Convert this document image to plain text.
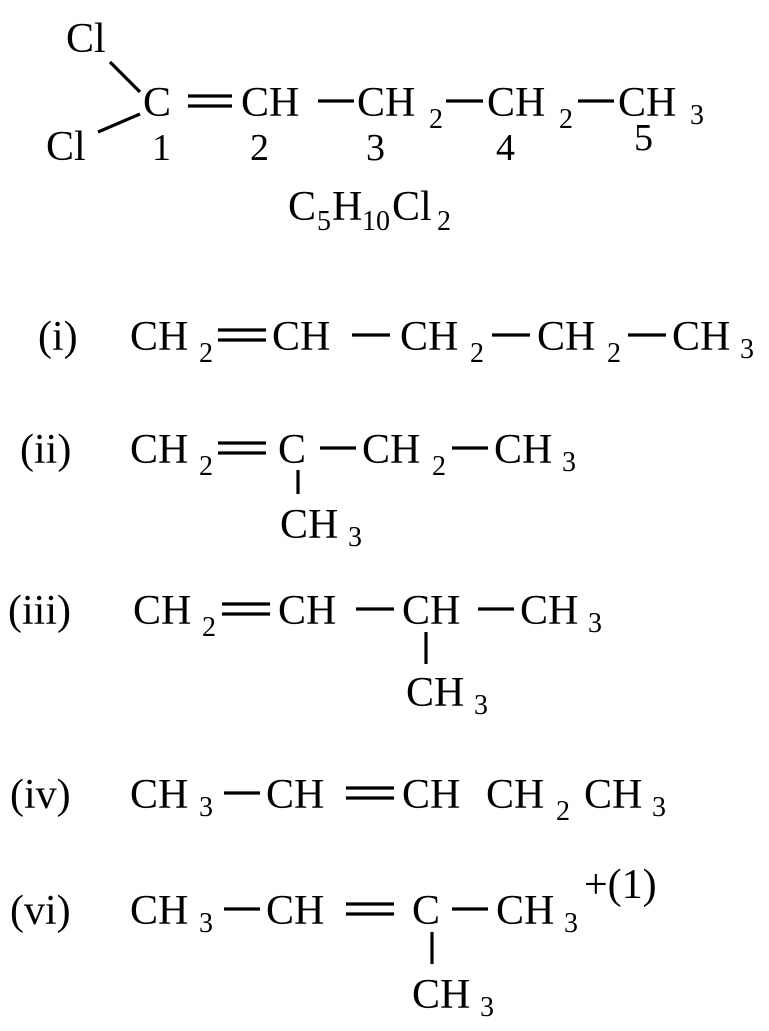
Cl
Cl
C CH CH 2 CH 2 CH 3
1 2	3	4	5
C 5 H 10 Cl 2
(i) CH 2 CH CH 2 CH 2 CH 3
(ii) CH 2 C CH 2 CH 3
CH 3
(iii) CH 2 CH CH CH 3
CH 3
(iv) CH 3 CH CH CH 2 CH 3
(vi) CH 3 CH C CH 3
+(1)
CH 3
